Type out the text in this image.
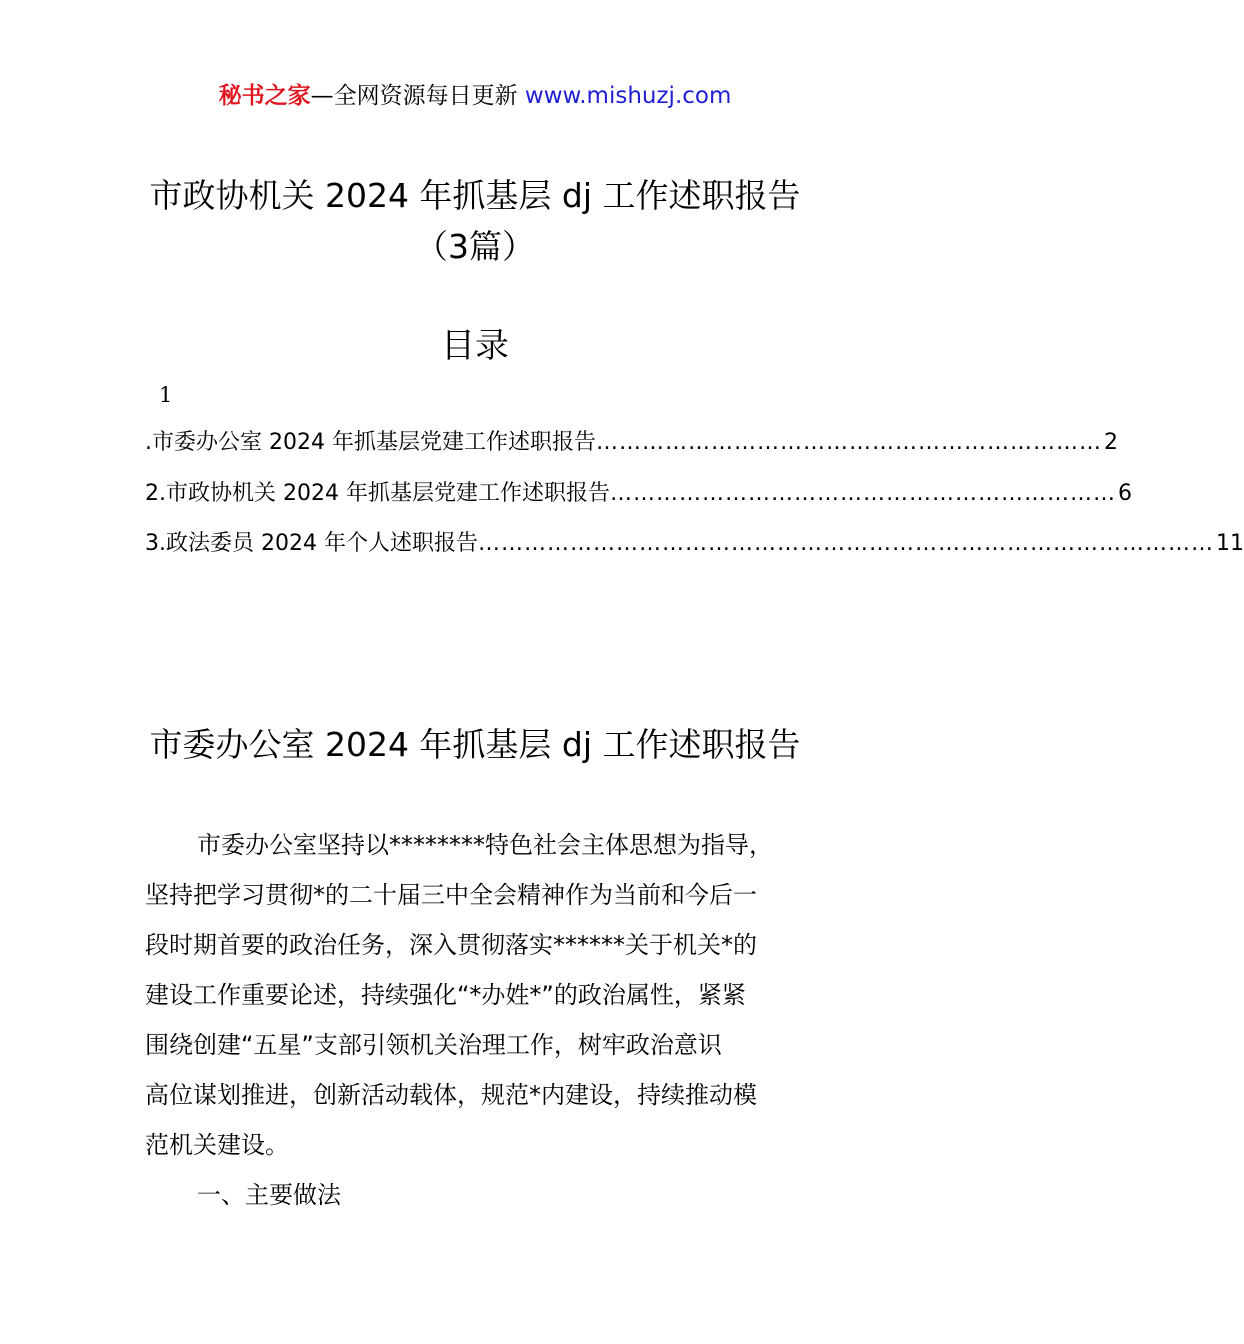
秘书之家—全网资源每日更新 www.mishuzj.com
市政协机关 2024 年抓基层 dj 工作述职报告
（3篇）
目录
1
.市委办公室 2024 年抓基层党建工作述职报告 ………………………………………………………… 2
2.市政协机关 2024 年抓基层党建工作述职报告 ………………………………………………………… 6
3.政法委员 2024 年个人述职报告 …………………………………………………………………………………… 11
市委办公室 2024 年抓基层 dj 工作述职报告
市委办公室坚持以********特色社会主体思想为指导，
坚持把学习贯彻*的二十届三中全会精神作为当前和今后一
段时期首要的政治任务，深入贯彻落实******关于机关*的
建设工作重要论述，持续强化“*办姓*”的政治属性，紧紧
围绕创建“五星”支部引领机关治理工作，树牢政治意识
高位谋划推进，创新活动载体，规范*内建设，持续推动模
范机关建设。
一、主要做法
